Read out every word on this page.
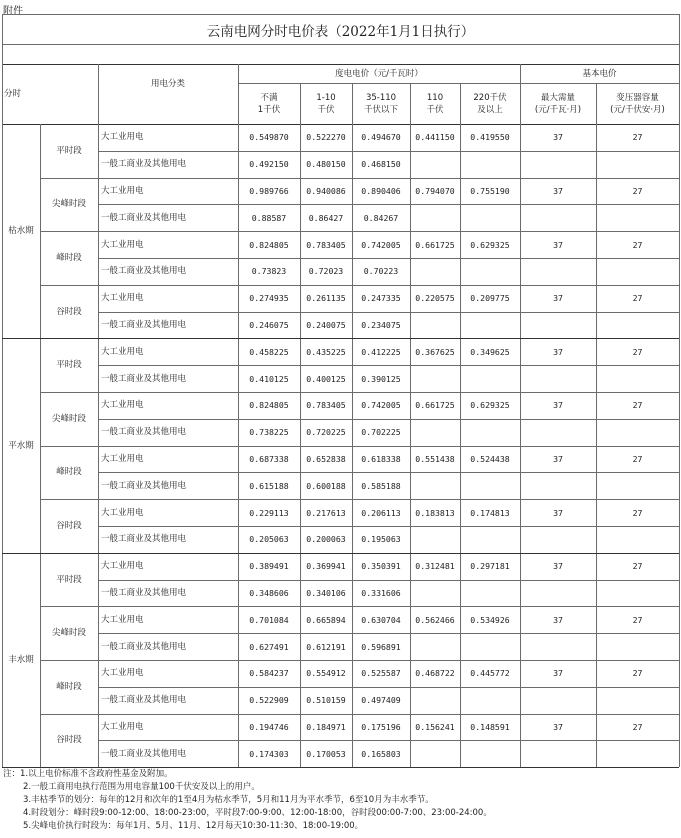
附件
云南电网分时电价表（2022年1月1日执行）
分时
用电分类
度电电价（元/千瓦时）	基本电价
不满
1千伏
1-10
千伏
35-110
千伏以下
110
千伏
220千伏
及以上
最大需量
(元/千瓦·月)
变压器容量
(元/千伏安·月)
枯水期
平时段
大工业用电	0.549870	0.522270	0.494670	0.441150	0.419550	37	27
一般工商业及其他用电	0.492150	0.480150	0.468150
尖峰时段
大工业用电	0.989766	0.940086	0.890406	0.794070	0.755190	37	27
一般工商业及其他用电	0.88587	0.86427	0.84267
峰时段
大工业用电	0.824805	0.783405	0.742005	0.661725	0.629325	37	27
一般工商业及其他用电	0.73823	0.72023	0.70223
谷时段
大工业用电	0.274935	0.261135	0.247335	0.220575	0.209775	37	27
一般工商业及其他用电	0.246075	0.240075	0.234075
平水期
平时段
大工业用电	0.458225	0.435225	0.412225	0.367625	0.349625	37	27
一般工商业及其他用电	0.410125	0.400125	0.390125
尖峰时段
大工业用电	0.824805	0.783405	0.742005	0.661725	0.629325	37	27
一般工商业及其他用电	0.738225	0.720225	0.702225
峰时段
大工业用电	0.687338	0.652838	0.618338	0.551438	0.524438	37	27
一般工商业及其他用电	0.615188	0.600188	0.585188
谷时段
大工业用电	0.229113	0.217613	0.206113	0.183813	0.174813	37	27
一般工商业及其他用电	0.205063	0.200063	0.195063
丰水期
平时段
大工业用电	0.389491	0.369941	0.350391	0.312481	0.297181	37	27
一般工商业及其他用电	0.348606	0.340106	0.331606
尖峰时段
大工业用电	0.701084	0.665894	0.630704	0.562466	0.534926	37	27
一般工商业及其他用电	0.627491	0.612191	0.596891
峰时段
大工业用电	0.584237	0.554912	0.525587	0.468722	0.445772	37	27
一般工商业及其他用电	0.522909	0.510159	0.497409
谷时段
大工业用电	0.194746	0.184971	0.175196	0.156241	0.148591	37	27
一般工商业及其他用电	0.174303	0.170053	0.165803
注：1.以上电价标准不含政府性基金及附加。
2.一般工商用电执行范围为用电容量100千伏安及以上的用户。
3.丰枯季节的划分：每年的12月和次年的1至4月为枯水季节，5月和11月为平水季节，6至10月为丰水季节。
4.时段划分：峰时段9:00-12:00、18:00-23:00，平时段7:00-9:00、12:00-18:00，谷时段00:00-7:00、23:00-24:00。
5.尖峰电价执行时段为：每年1月、5月、11月、12月每天10:30-11:30、18:00-19:00。
